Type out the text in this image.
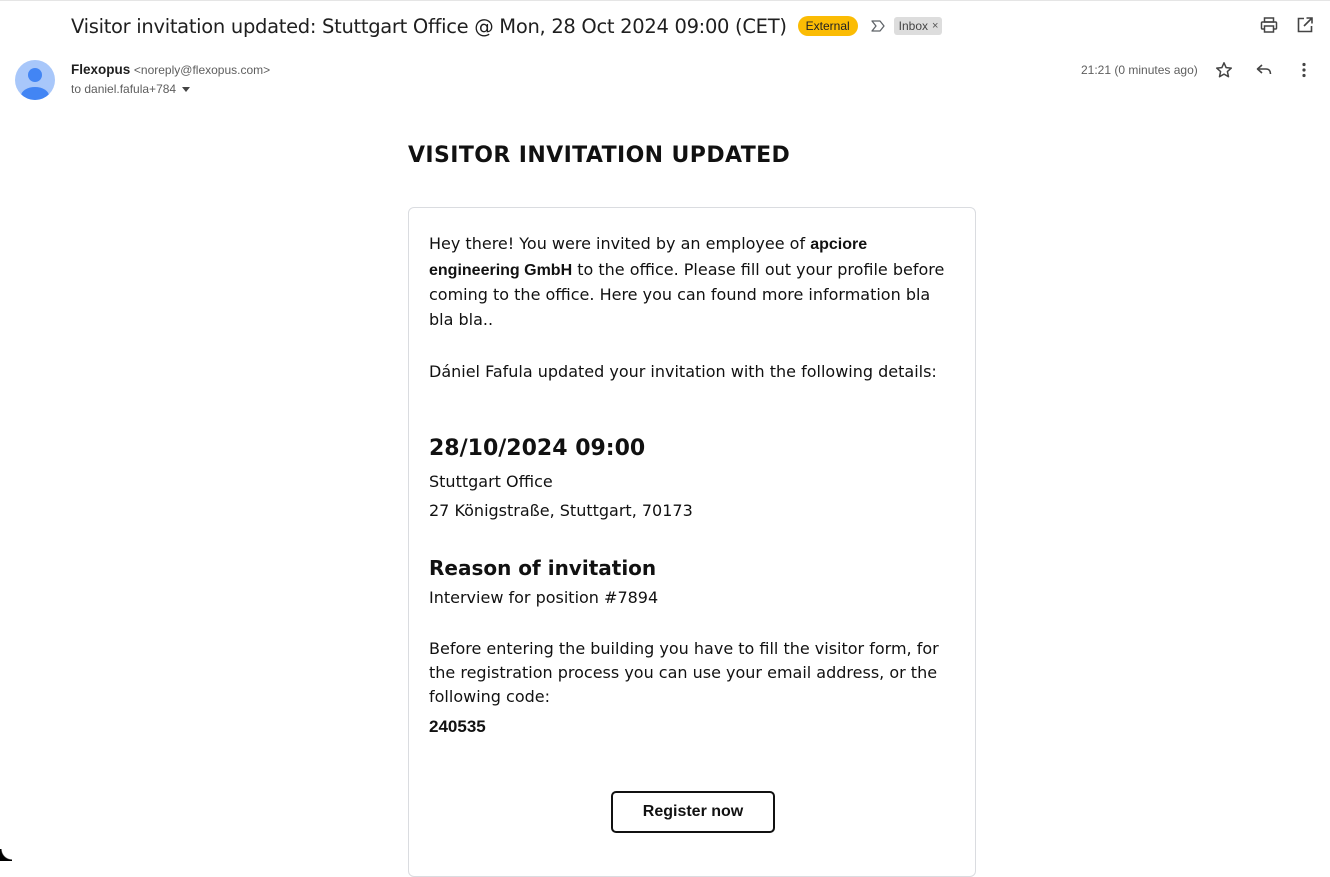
Visitor invitation updated: Stuttgart Office @ Mon, 28 Oct 2024 09:00 (CET)	External	Inbox ×
Flexopus <noreply@flexopus.com>
to daniel.fafula+784
21:21 (0 minutes ago)
VISITOR INVITATION UPDATED

Hey there! You were invited by an employee of apciore engineering GmbH to the office. Please fill out your profile before coming to the office. Here you can found more information bla bla bla..

Dániel Fafula updated your invitation with the following details:

28/10/2024 09:00

Stuttgart Office

27 Königstraße, Stuttgart, 70173

Reason of invitation

Interview for position #7894

Before entering the building you have to fill the visitor form, for the registration process you can use your email address, or the following code:

240535
Register now
